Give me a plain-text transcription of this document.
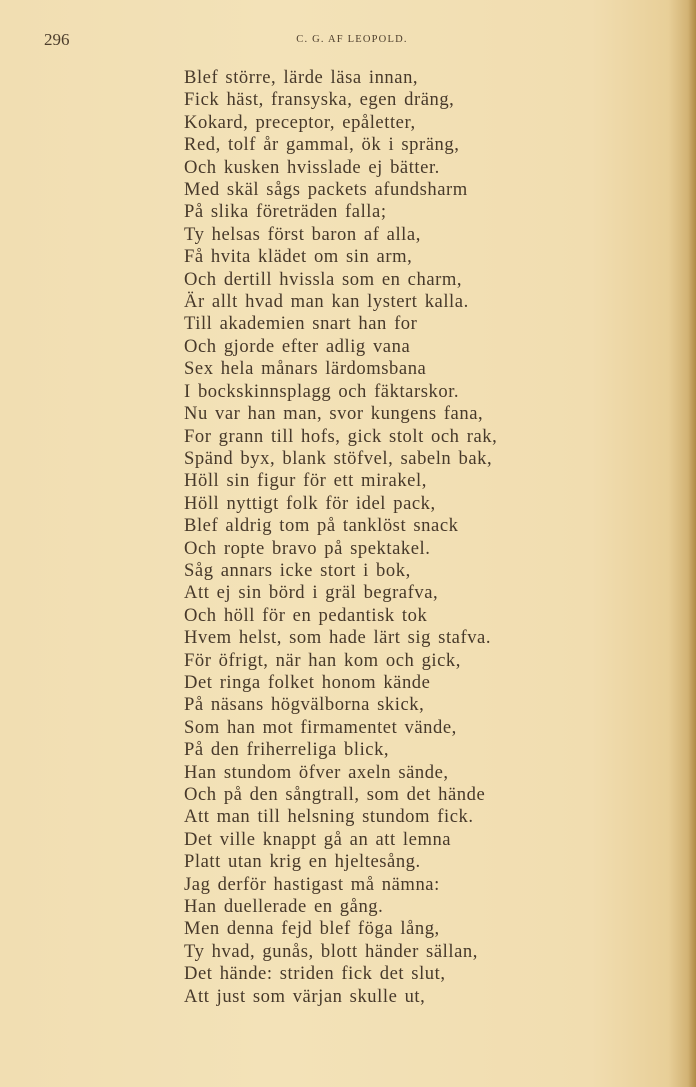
296	C. G. AF LEOPOLD.
Blef större, lärde läsa innan,
Fick häst, fransyska, egen dräng,
Kokard, preceptor, epåletter,
Red, tolf år gammal, ök i spräng,
Och kusken hvisslade ej bätter.
Med skäl sågs packets afundsharm
På slika företräden falla;
Ty helsas först baron af alla,
Få hvita klädet om sin arm,
Och dertill hvissla som en charm,
Är allt hvad man kan lystert kalla.
Till akademien snart han for
Och gjorde efter adlig vana
Sex hela månars lärdomsbana
I bockskinnsplagg och fäktarskor.
Nu var han man, svor kungens fana,
For grann till hofs, gick stolt och rak,
Spänd byx, blank stöfvel, sabeln bak,
Höll sin figur för ett mirakel,
Höll nyttigt folk för idel pack,
Blef aldrig tom på tanklöst snack
Och ropte bravo på spektakel.
Såg annars icke stort i bok,
Att ej sin börd i gräl begrafva,
Och höll för en pedantisk tok
Hvem helst, som hade lärt sig stafva.
För öfrigt, när han kom och gick,
Det ringa folket honom kände
På näsans högvälborna skick,
Som han mot firmamentet vände,
På den friherreliga blick,
Han stundom öfver axeln sände,
Och på den sångtrall, som det hände
Att man till helsning stundom fick.
Det ville knappt gå an att lemna
Platt utan krig en hjeltesång.
Jag derför hastigast må nämna:
Han duellerade en gång.
Men denna fejd blef föga lång,
Ty hvad, gunås, blott händer sällan,
Det hände: striden fick det slut,
Att just som värjan skulle ut,
